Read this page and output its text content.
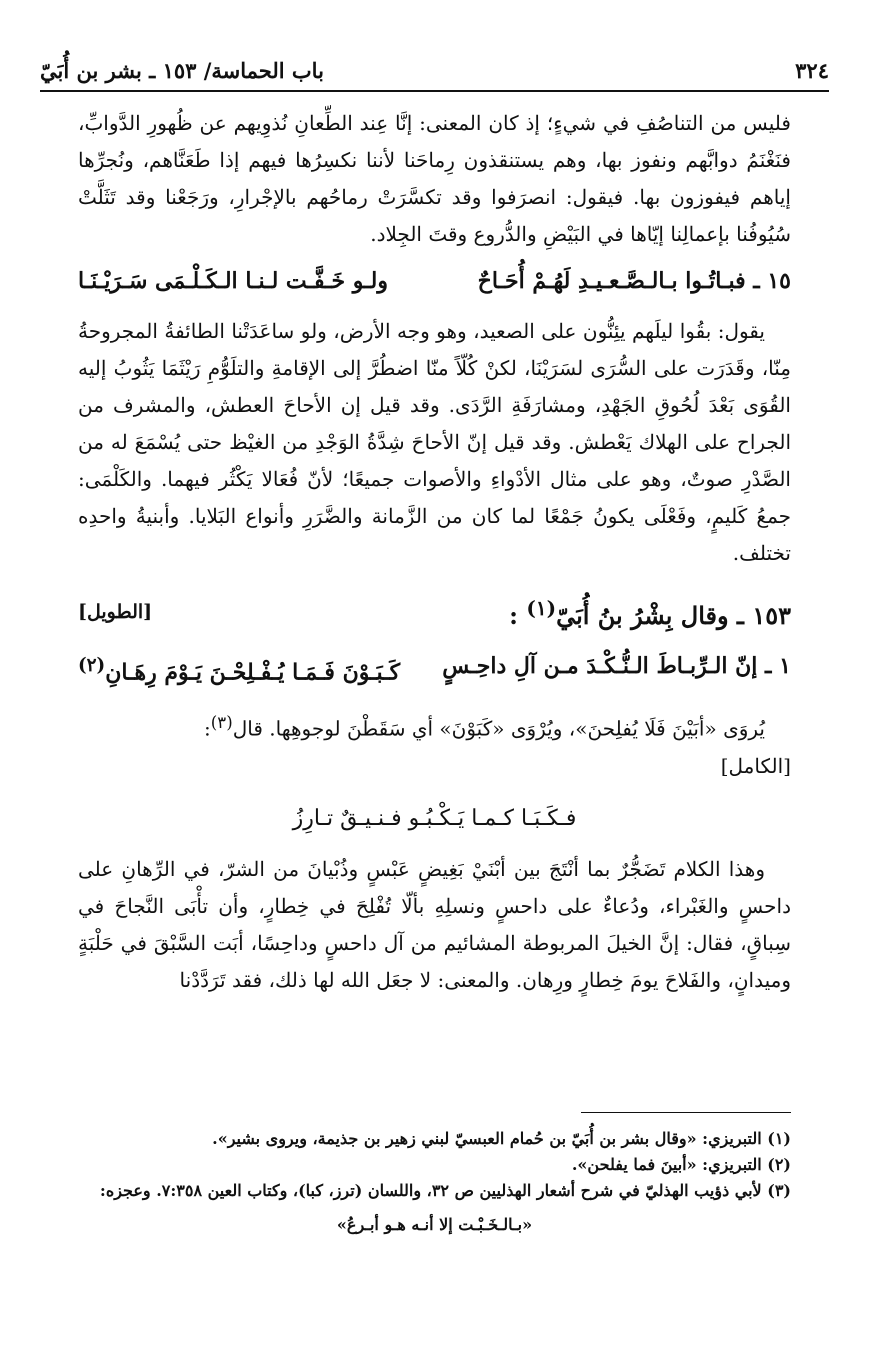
٣٢٤
باب الحماسة/ ١٥٣ ـ بشر بن أُبَيّ

فليس من التناصُفِ في شيءٍ؛ إذ كان المعنى: إنَّا عِند الطِّعانِ نُذوِيهم عن ظُهورِ الدَّوابِّ، فنَغْنَمُ دوابَّهم ونفوز بها، وهم يستنقذون رِماحَنا لأننا نكسِرُها فيهم إذا طَعَنَّاهم، ونُجرِّها إياهم فيفوزون بها. فيقول: انصرَفوا وقد تكسَّرَتْ رماحُهم بالإجْرارِ، ورَجَعْنا وقد تَثَلَّتْ سُيُوفُنا بإعمالِنا إيّاها في البَيْضِ والدُّروع وقتَ الجِلاد.

١٥ ـ فبـاتُـوا بـالـصَّـعـيـدِ لَهُـمْ أُحَـاحٌ
ولـو خَـفَّـت لـنـا الـكَـلْـمَى سَـرَيْـنَـا

يقول: بقُوا ليلَهم يئِنُّون على الصعيد، وهو وجه الأرض، ولو ساعَدَتْنا الطائفةُ المجروحةُ مِنّا، وقَدَرَت على السُّرَى لسَرَيْنَا، لكنْ كُلّاً منّا اضطُرَّ إلى الإقامةِ والتلَوُّمِ رَيْثَمَا يَثُوبُ إليه القُوَى بَعْدَ لُحُوقِ الجَهْدِ، ومشارَفَةِ الرَّدَى. وقد قيل إن الأحاحَ العطش، والمشرف من الجراح على الهلاك يَعْطش. وقد قيل إنّ الأحاحَ شِدَّةُ الوَجْدِ من الغيْظ حتى يُسْمَعَ له من الصَّدْرِ صوتٌ، وهو على مثال الأدْواءِ والأصوات جميعًا؛ لأنّ فُعَالا يَكْثُر فيهما. والكَلْمَى: جمعُ كَليمٍ، وفَعْلَى يكونُ جَمْعًا لما كان من الزَّمانة والضَّرَرِ وأنواع البَلايا. وأبنيةُ واحدِه تختلف.

١٥٣ ـ وقال بِشْرُ بنُ أُبَيّ$^{(١)}$ :
[الطويل]
١ ـ إنّ الـرِّبـاطَ الـنُّـكْـدَ مـن آلِ داحِـسٍ
كَـبَـوْنَ فَـمَـا يُـفْـلِحْـنَ يَـوْمَ رِهَـانِ$^{(٢)}$

يُروَى «أبَيْنَ فَلَا يُفلِحنَ»، ويُرْوَى «كَبَوْنَ» أي سَقَطْنَ لوجوهِها. قال$^{(٣)}$:
[الكامل]

فـكَـبَـا كـمـا يَـكْـبُـو فـنـيـقٌ تـارِزُ

وهذا الكلام تَضَجُّرٌ بما أنْتَجَ بين أبْنَيْ بَغِيضٍ عَبْسٍ وذُبْيانَ من الشرّ، في الرِّهانِ على داحسٍ والغَبْراء، ودُعاءٌ على داحسٍ ونسلِهِ بألّا تُفْلِحَ في خِطارٍ، وأن تأْبَى النَّجاحَ في سِباقٍ، فقال: إنَّ الخيلَ المربوطة المشائيم من آل داحسٍ وداحِسًا، أبَت السَّبْقَ في حَلْبَةٍ وميدانٍ، والفَلاحَ يومَ خِطارٍ ورِهان. والمعنى: لا جعَل الله لها ذلك، فقد تَرَدَّدْنا

(١) التبريزي: «وقال بشر بن أُبَيّ بن حُمام العبسيّ لبني زهير بن جذيمة، ويروى بشير».

(٢) التبريزي: «أبينَ فما يفلحن».

(٣) لأبي ذؤيب الهذليّ في شرح أشعار الهذليين ص ٣٢، واللسان (ترز، كبا)، وكتاب العين ٧:٣٥٨. وعجزه:

«بـالـخَـبْـت إلا أنـه هـو أبـرعُ»
